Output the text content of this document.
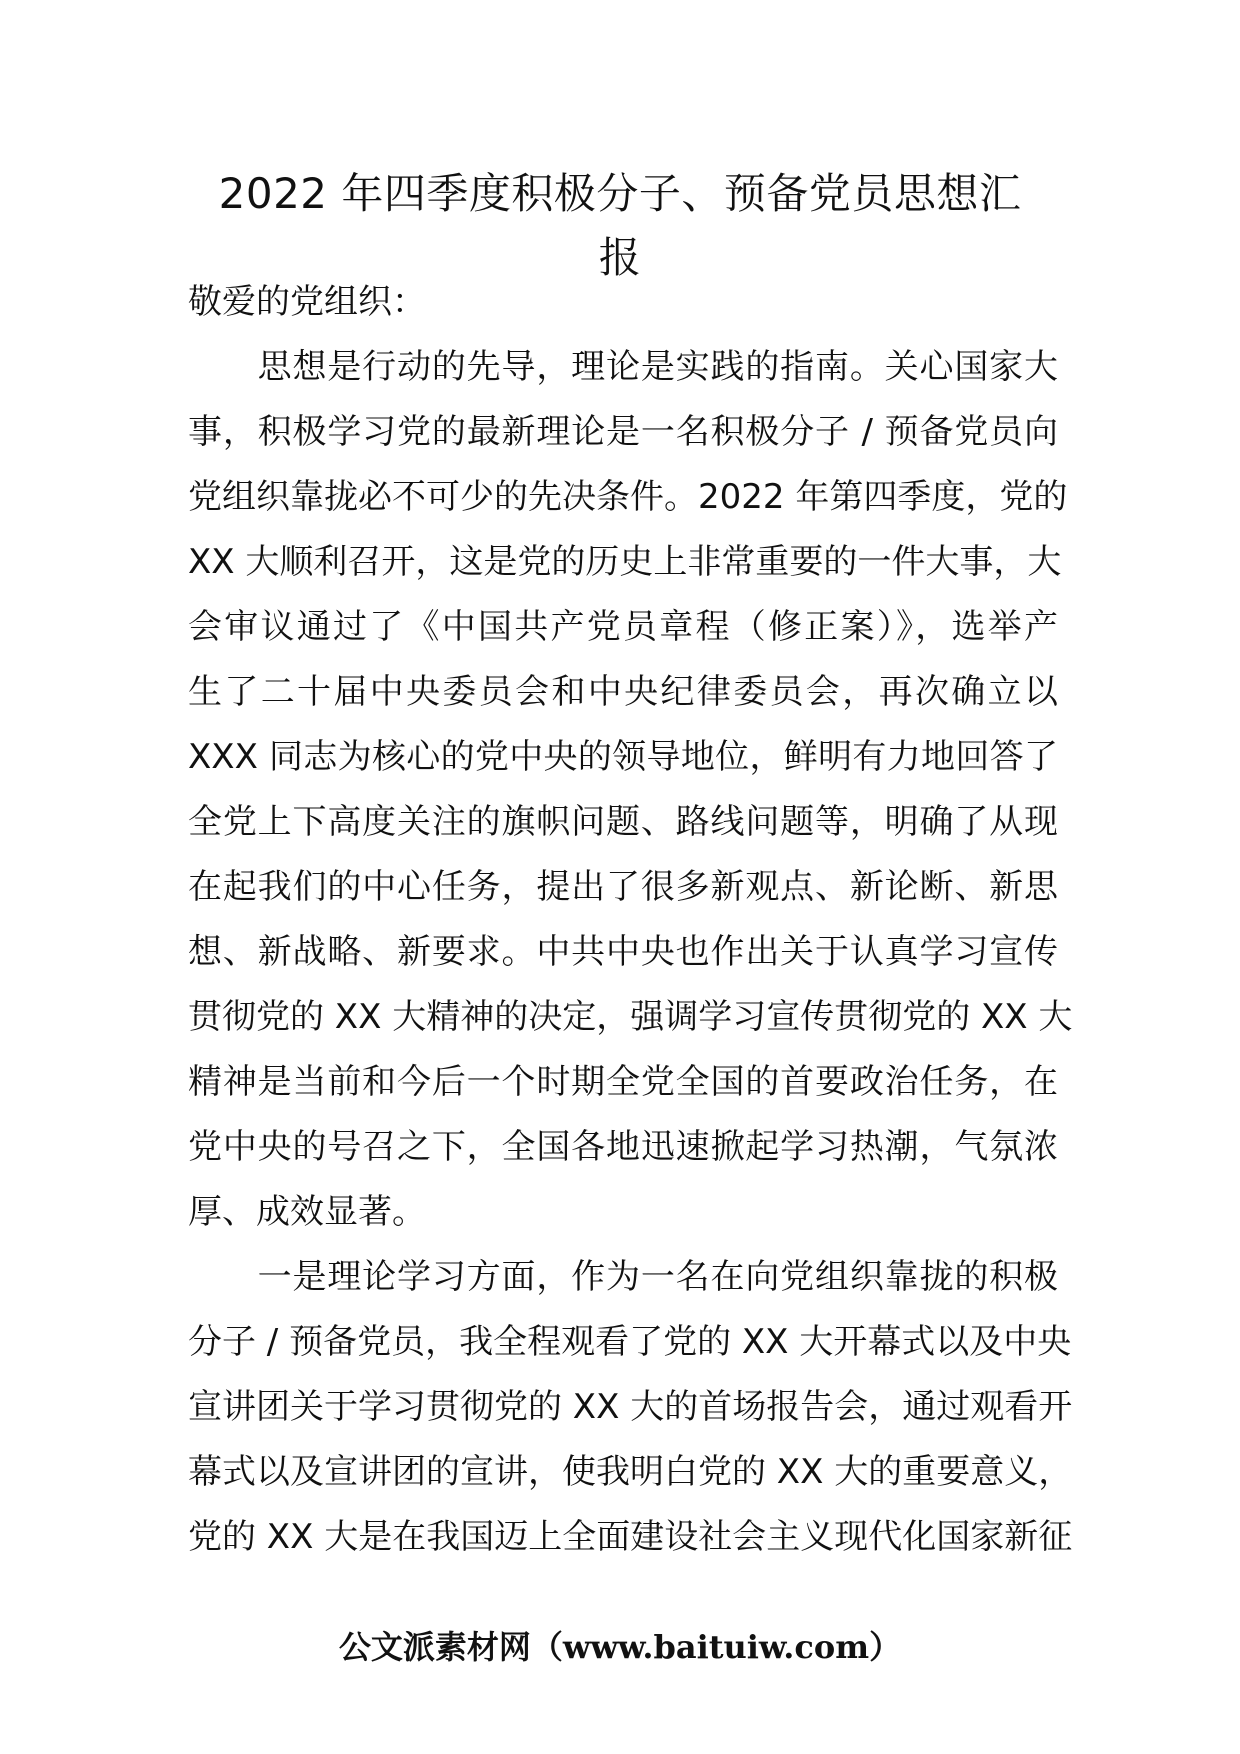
2022 年四季度积极分子、预备党员思想汇
报
敬爱的党组织：
　　思想是行动的先导，理论是实践的指南。关心国家大
事，积极学习党的最新理论是一名积极分子 / 预备党员向
党组织靠拢必不可少的先决条件。2022 年第四季度，党的
XX 大顺利召开，这是党的历史上非常重要的一件大事，大
会审议通过了《中国共产党员章程（修正案）》，选举产
生了二十届中央委员会和中央纪律委员会，再次确立以
XXX 同志为核心的党中央的领导地位，鲜明有力地回答了
全党上下高度关注的旗帜问题、路线问题等，明确了从现
在起我们的中心任务，提出了很多新观点、新论断、新思
想、新战略、新要求。中共中央也作出关于认真学习宣传
贯彻党的 XX 大精神的决定，强调学习宣传贯彻党的 XX 大
精神是当前和今后一个时期全党全国的首要政治任务，在
党中央的号召之下，全国各地迅速掀起学习热潮，气氛浓
厚、成效显著。
　　一是理论学习方面，作为一名在向党组织靠拢的积极
分子 / 预备党员，我全程观看了党的 XX 大开幕式以及中央
宣讲团关于学习贯彻党的 XX 大的首场报告会，通过观看开
幕式以及宣讲团的宣讲，使我明白党的 XX 大的重要意义，
党的 XX 大是在我国迈上全面建设社会主义现代化国家新征
公文派素材网（www.baituiw.com）
